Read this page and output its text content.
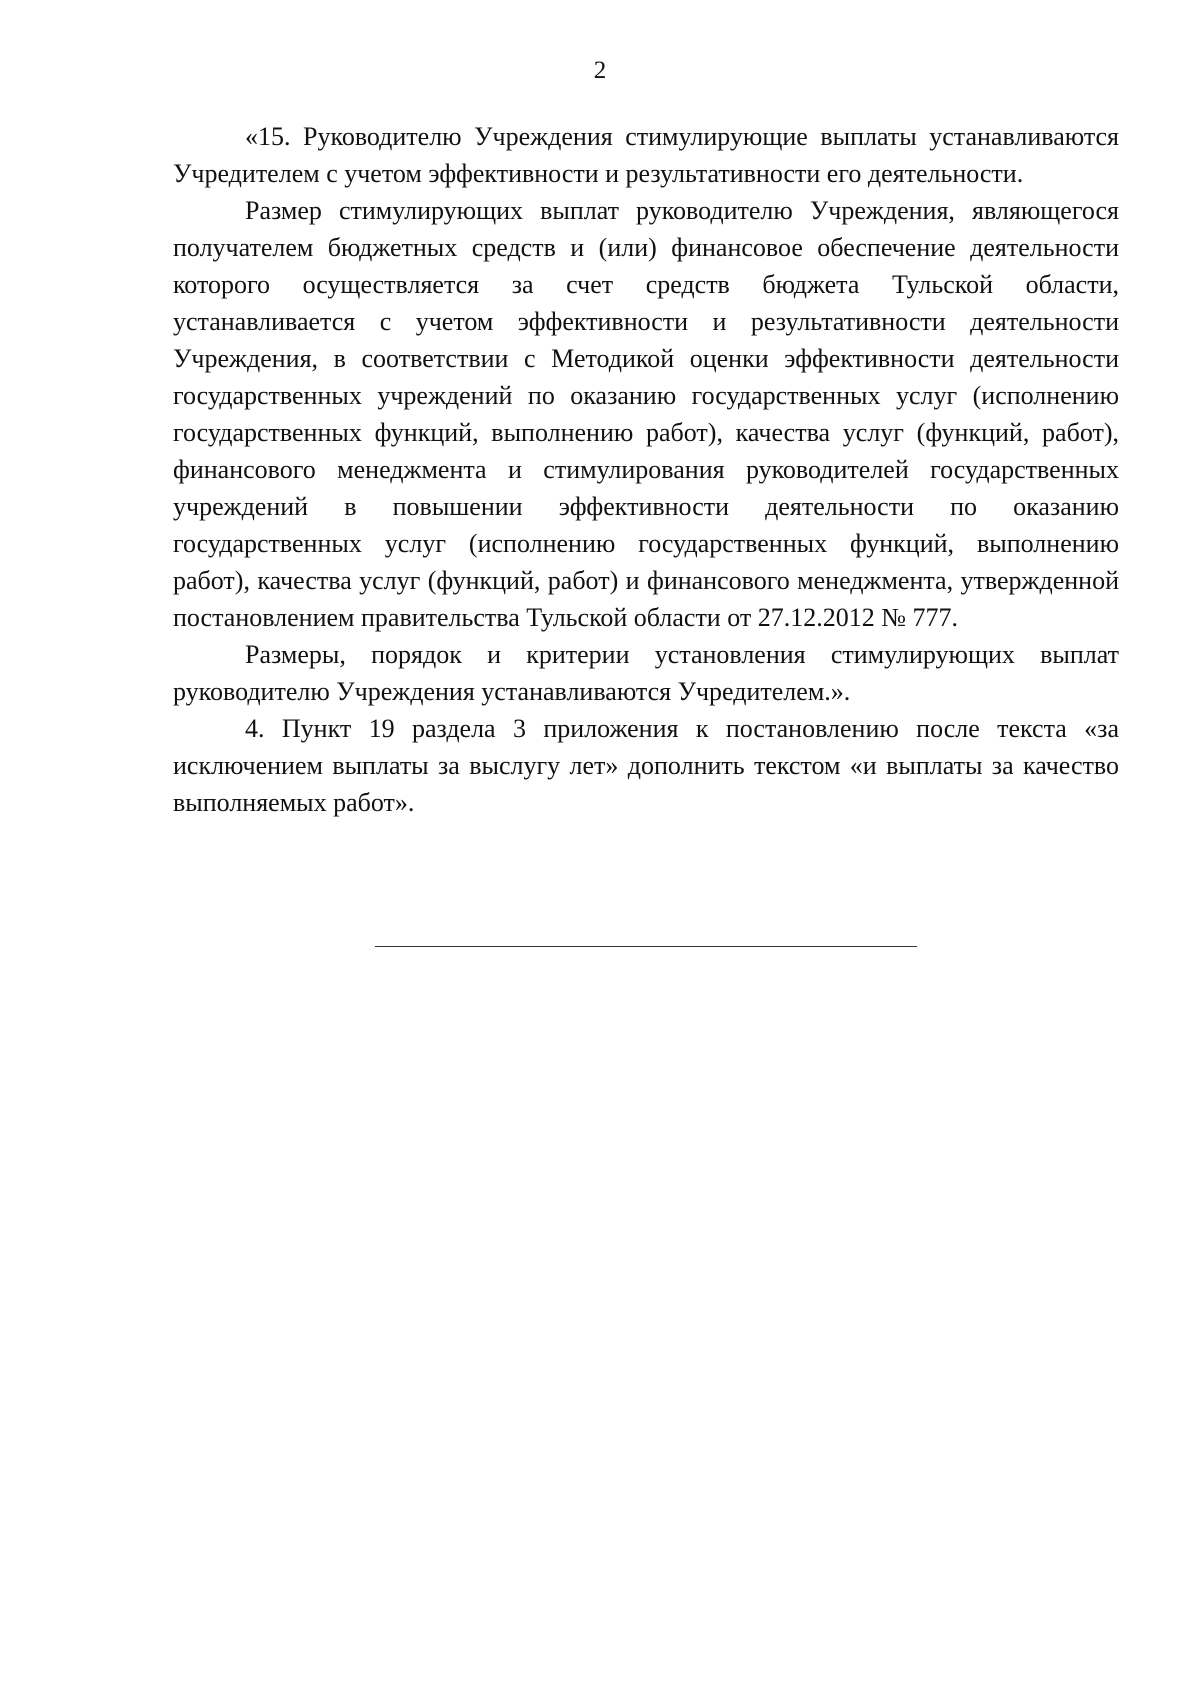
2

«15. Руководителю Учреждения стимулирующие выплаты устанавливаются Учредителем с учетом эффективности и результативности его деятельности.

Размер стимулирующих выплат руководителю Учреждения, являющегося получателем бюджетных средств и (или) финансовое обеспечение деятельности которого осуществляется за счет средств бюджета Тульской области, устанавливается с учетом эффективности и результативности деятельности Учреждения, в соответствии с Методикой оценки эффективности деятельности государственных учреждений по оказанию государственных услуг (исполнению государственных функций, выполнению работ), качества услуг (функций, работ), финансового менеджмента и стимулирования руководителей государственных учреждений в повышении эффективности деятельности по оказанию государственных услуг (исполнению государственных функций, выполнению работ), качества услуг (функций, работ) и финансового менеджмента, утвержденной постановлением правительства Тульской области от 27.12.2012 № 777.

Размеры, порядок и критерии установления стимулирующих выплат руководителю Учреждения устанавливаются Учредителем.».

4. Пункт 19 раздела 3 приложения к постановлению после текста «за исключением выплаты за выслугу лет» дополнить текстом «и выплаты за качество выполняемых работ».
